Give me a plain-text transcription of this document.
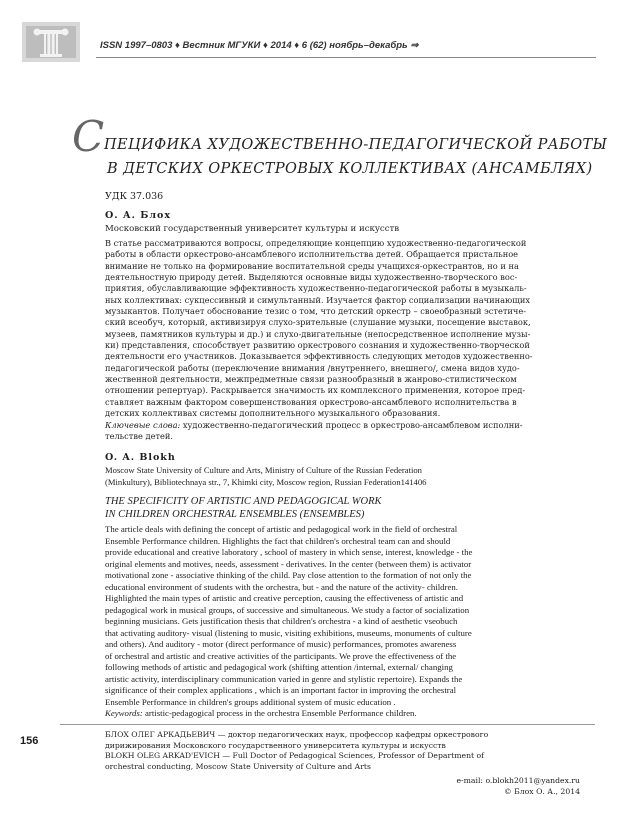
ISSN 1997–0803 ♦ Вестник МГУКИ ♦ 2014 ♦ 6 (62) ноябрь–декабрь ⇒
С ПЕЦИФИКА ХУДОЖЕСТВЕННО-ПЕДАГОГИЧЕСКОЙ РАБОТЫ
В ДЕТСКИХ ОРКЕСТРОВЫХ КОЛЛЕКТИВАХ (АНСАМБЛЯХ)
УДК 37.036
О. А. Блох
Московский государственный университет культуры и искусств
В статье рассматриваются вопросы, определяющие концепцию художественно-педагогической
работы в области оркестрово-ансамблевого исполнительства детей. Обращается пристальное
внимание не только на формирование воспитательной среды учащихся-оркестрантов, но и на
деятельностную природу детей. Выделяются основные виды художественно-творческого вос-
приятия, обуславливающие эффективность художественно-педагогической работы в музыкаль-
ных коллективах: сукцессивный и симультанный. Изучается фактор социализации начинающих
музыкантов. Получает обоснование тезис о том, что детский оркестр – своеобразный эстетиче-
ский всеобуч, который, активизируя слухо-зрительные (слушание музыки, посещение выставок,
музеев, памятников культуры и др.) и слухо-двигательные (непосредственное исполнение музы-
ки) представления, способствует развитию оркестрового сознания и художественно-творческой
деятельности его участников. Доказывается эффективность следующих методов художественно-
педагогической работы (переключение внимания /внутреннего, внешнего/, смена видов худо-
жественной деятельности, межпредметные связи разнообразный в жанрово-стилистическом
отношении репертуар). Раскрывается значимость их комплексного применения, которое пред-
ставляет важным фактором совершенствования оркестрово-ансамблевого исполнительства в
детских коллективах системы дополнительного музыкального образования.
Ключевые слова: художественно-педагогический процесс в оркестрово-ансамблевом исполни-
тельстве детей.
O. A. Blokh
Moscow State University of Culture and Arts, Ministry of Culture of the Russian Federation
(Minkultury), Bibliotechnaya str., 7, Khimki city, Moscow region, Russian Federation141406
THE SPECIFICITY OF ARTISTIC AND PEDAGOGICAL WORK
IN CHILDREN ORCHESTRAL ENSEMBLES (ENSEMBLES)
The article deals with defining the concept of artistic and pedagogical work in the field of orchestral
Ensemble Performance children. Highlights the fact that children's orchestral team can and should
provide educational and creative laboratory , school of mastery in which sense, interest, knowledge - the
original elements and motives, needs, assessment - derivatives. In the center (between them) is activator
motivational zone - associative thinking of the child. Pay close attention to the formation of not only the
educational environment of students with the orchestra, but - and the nature of the activity- children.
Highlighted the main types of artistic and creative perception, causing the effectiveness of artistic and
pedagogical work in musical groups, of successive and simultaneous. We study a factor of socialization
beginning musicians. Gets justification thesis that children's orchestra - a kind of aesthetic vseobuch
that activating auditory- visual (listening to music, visiting exhibitions, museums, monuments of culture
and others). And auditory - motor (direct performance of music) performances, promotes awareness
of orchestral and artistic and creative activities of the participants. We prove the effectiveness of the
following methods of artistic and pedagogical work (shifting attention /internal, external/ changing
artistic activity, interdisciplinary communication varied in genre and stylistic repertoire). Expands the
significance of their complex applications , which is an important factor in improving the orchestral
Ensemble Performance in children's groups additional system of music education .
Keywords: artistic-pedagogical process in the orchestra Ensemble Performance children.
156
БЛОХ ОЛЕГ АРКАДЬЕВИЧ — доктор педагогических наук, профессор кафедры оркестрового
дирижирования Московского государственного университета культуры и искусств
BLOKH OLEG ARKAD'EVICH — Full Doctor of Pedagogical Sciences, Professor of Department of
orchestral conducting, Moscow State University of Culture and Arts
e-mail: o.blokh2011@yandex.ru
© Блох О. А., 2014
